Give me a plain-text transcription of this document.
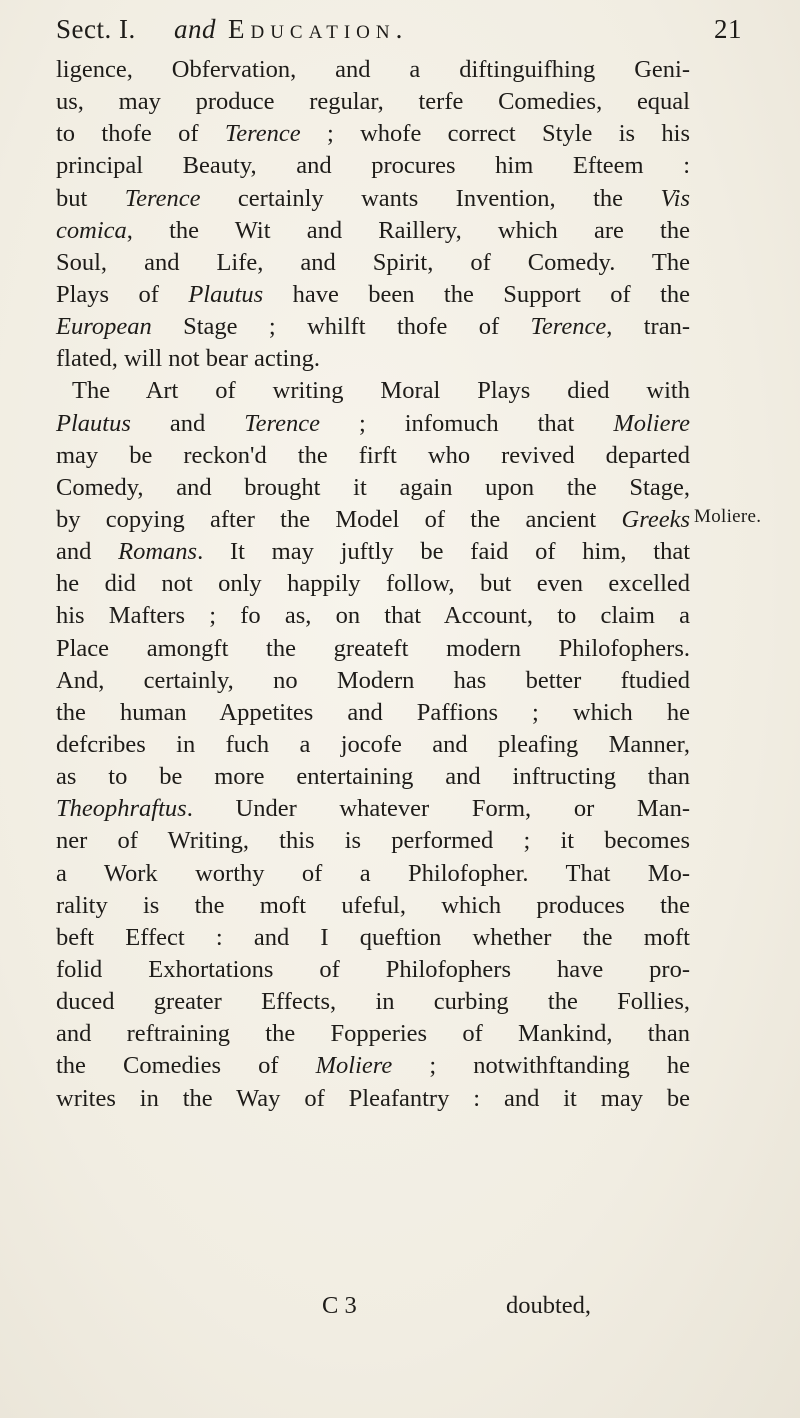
Sect. I. and Education.	21
ligence, Obfervation, and a diftinguifhing Geni-
us, may produce regular, terfe Comedies, equal
to thofe of Terence ; whofe correct Style is his
principal Beauty, and procures him Efteem :
but Terence certainly wants Invention, the Vis
comica, the Wit and Raillery, which are the
Soul, and Life, and Spirit, of Comedy. The
Plays of Plautus have been the Support of the
European Stage ; whilft thofe of Terence, tran-
flated, will not bear acting.
The Art of writing Moral Plays died with
Plautus and Terence ; infomuch that Moliere
may be reckon'd the firft who revived departed
Comedy, and brought it again upon the Stage,
by copying after the Model of the ancient Greeks
and Romans. It may juftly be faid of him, that
he did not only happily follow, but even excelled
his Mafters ; fo as, on that Account, to claim a
Place amongft the greateft modern Philofophers.
And, certainly, no Modern has better ftudied
the human Appetites and Paffions ; which he
defcribes in fuch a jocofe and pleafing Manner,
as to be more entertaining and inftructing than
Theophraftus. Under whatever Form, or Man-
ner of Writing, this is performed ; it becomes
a Work worthy of a Philofopher. That Mo-
rality is the moft ufeful, which produces the
beft Effect : and I queftion whether the moft
folid Exhortations of Philofophers have pro-
duced greater Effects, in curbing the Follies,
and reftraining the Fopperies of Mankind, than
the Comedies of Moliere ; notwithftanding he
writes in the Way of Pleafantry : and it may be
Moliere.
C 3	doubted,
